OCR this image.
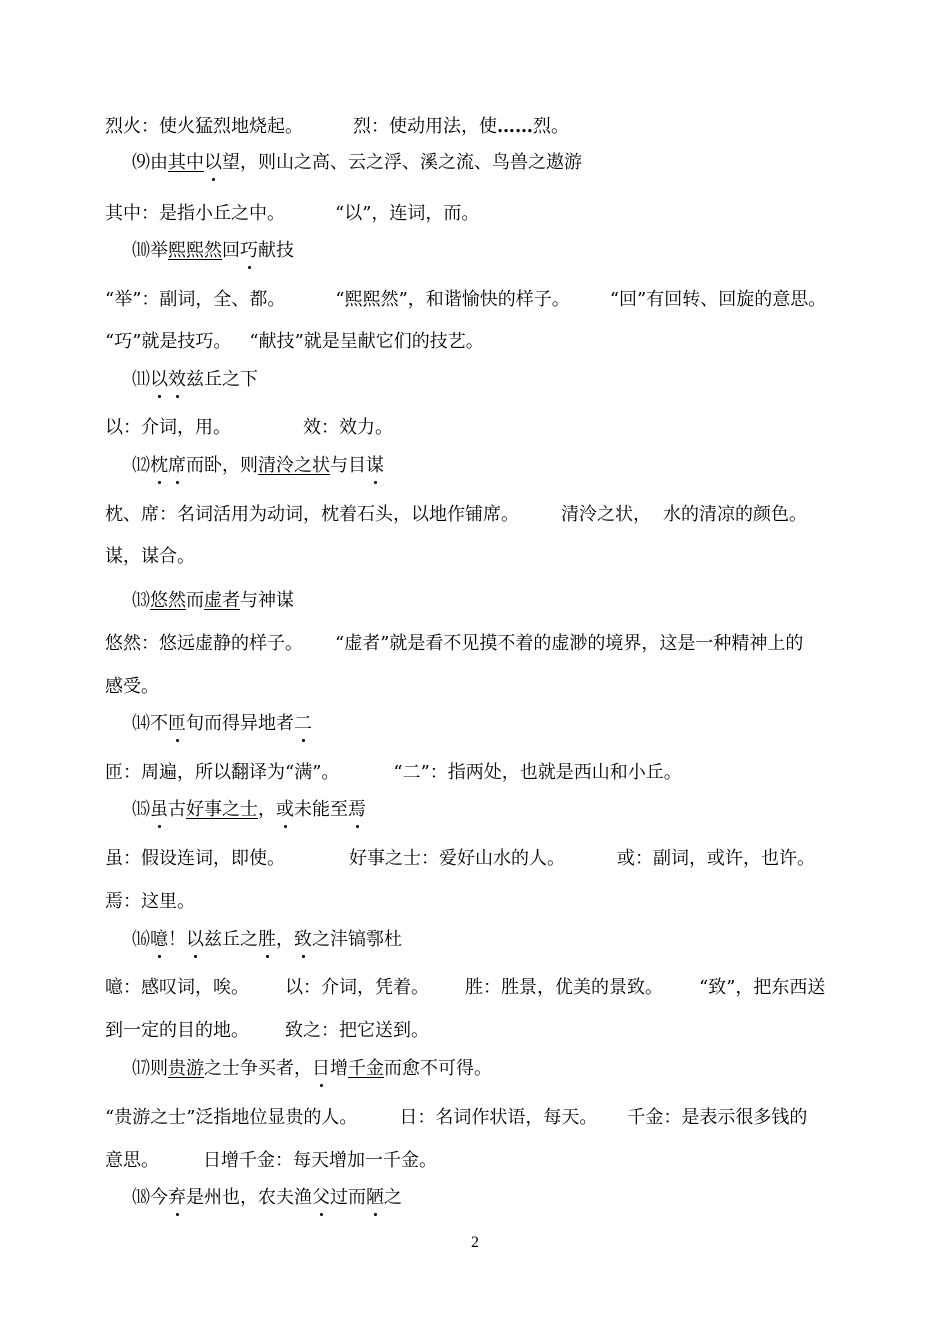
烈火：使火猛烈地烧起。	烈：使动用法，使……烈。
⑼由其中以望，则山之高、云之浮、溪之流、鸟兽之遨游
其中：是指小丘之中。	“以”，连词，而。
⑽举熙熙然回巧献技
“举”：副词，全、都。	“熙熙然”，和谐愉快的样子。 “回”有回转、回旋的意思。
“巧”就是技巧。 “献技”就是呈献它们的技艺。
⑾以效兹丘之下
以：介词，用。	效：效力。
⑿枕席而卧，则清泠之状与目谋
枕、席：名词活用为动词，枕着石头，以地作铺席。 清泠之状， 水的清凉的颜色。
谋，谋合。
⒀悠然而虚者与神谋
悠然：悠远虚静的样子。 “虚者”就是看不见摸不着的虚渺的境界，这是一种精神上的
感受。
⒁不匝旬而得异地者二
匝：周遍，所以翻译为“满”。	“二”：指两处，也就是西山和小丘。
⒂虽古好事之士，或未能至焉
虽：假设连词，即使。	好事之士：爱好山水的人。	或：副词，或许，也许。
焉：这里。
⒃噫！以兹丘之胜，致之沣镐鄠杜
噫：感叹词，唉。 以：介词，凭着。 胜：胜景，优美的景致。 “致”，把东西送
到一定的目的地。 致之：把它送到。
⒄则贵游之士争买者，日增千金而愈不可得。
“贵游之士”泛指地位显贵的人。 日：名词作状语，每天。 千金：是表示很多钱的
意思。 日增千金：每天增加一千金。
⒅今弃是州也，农夫渔父过而陋之
2
